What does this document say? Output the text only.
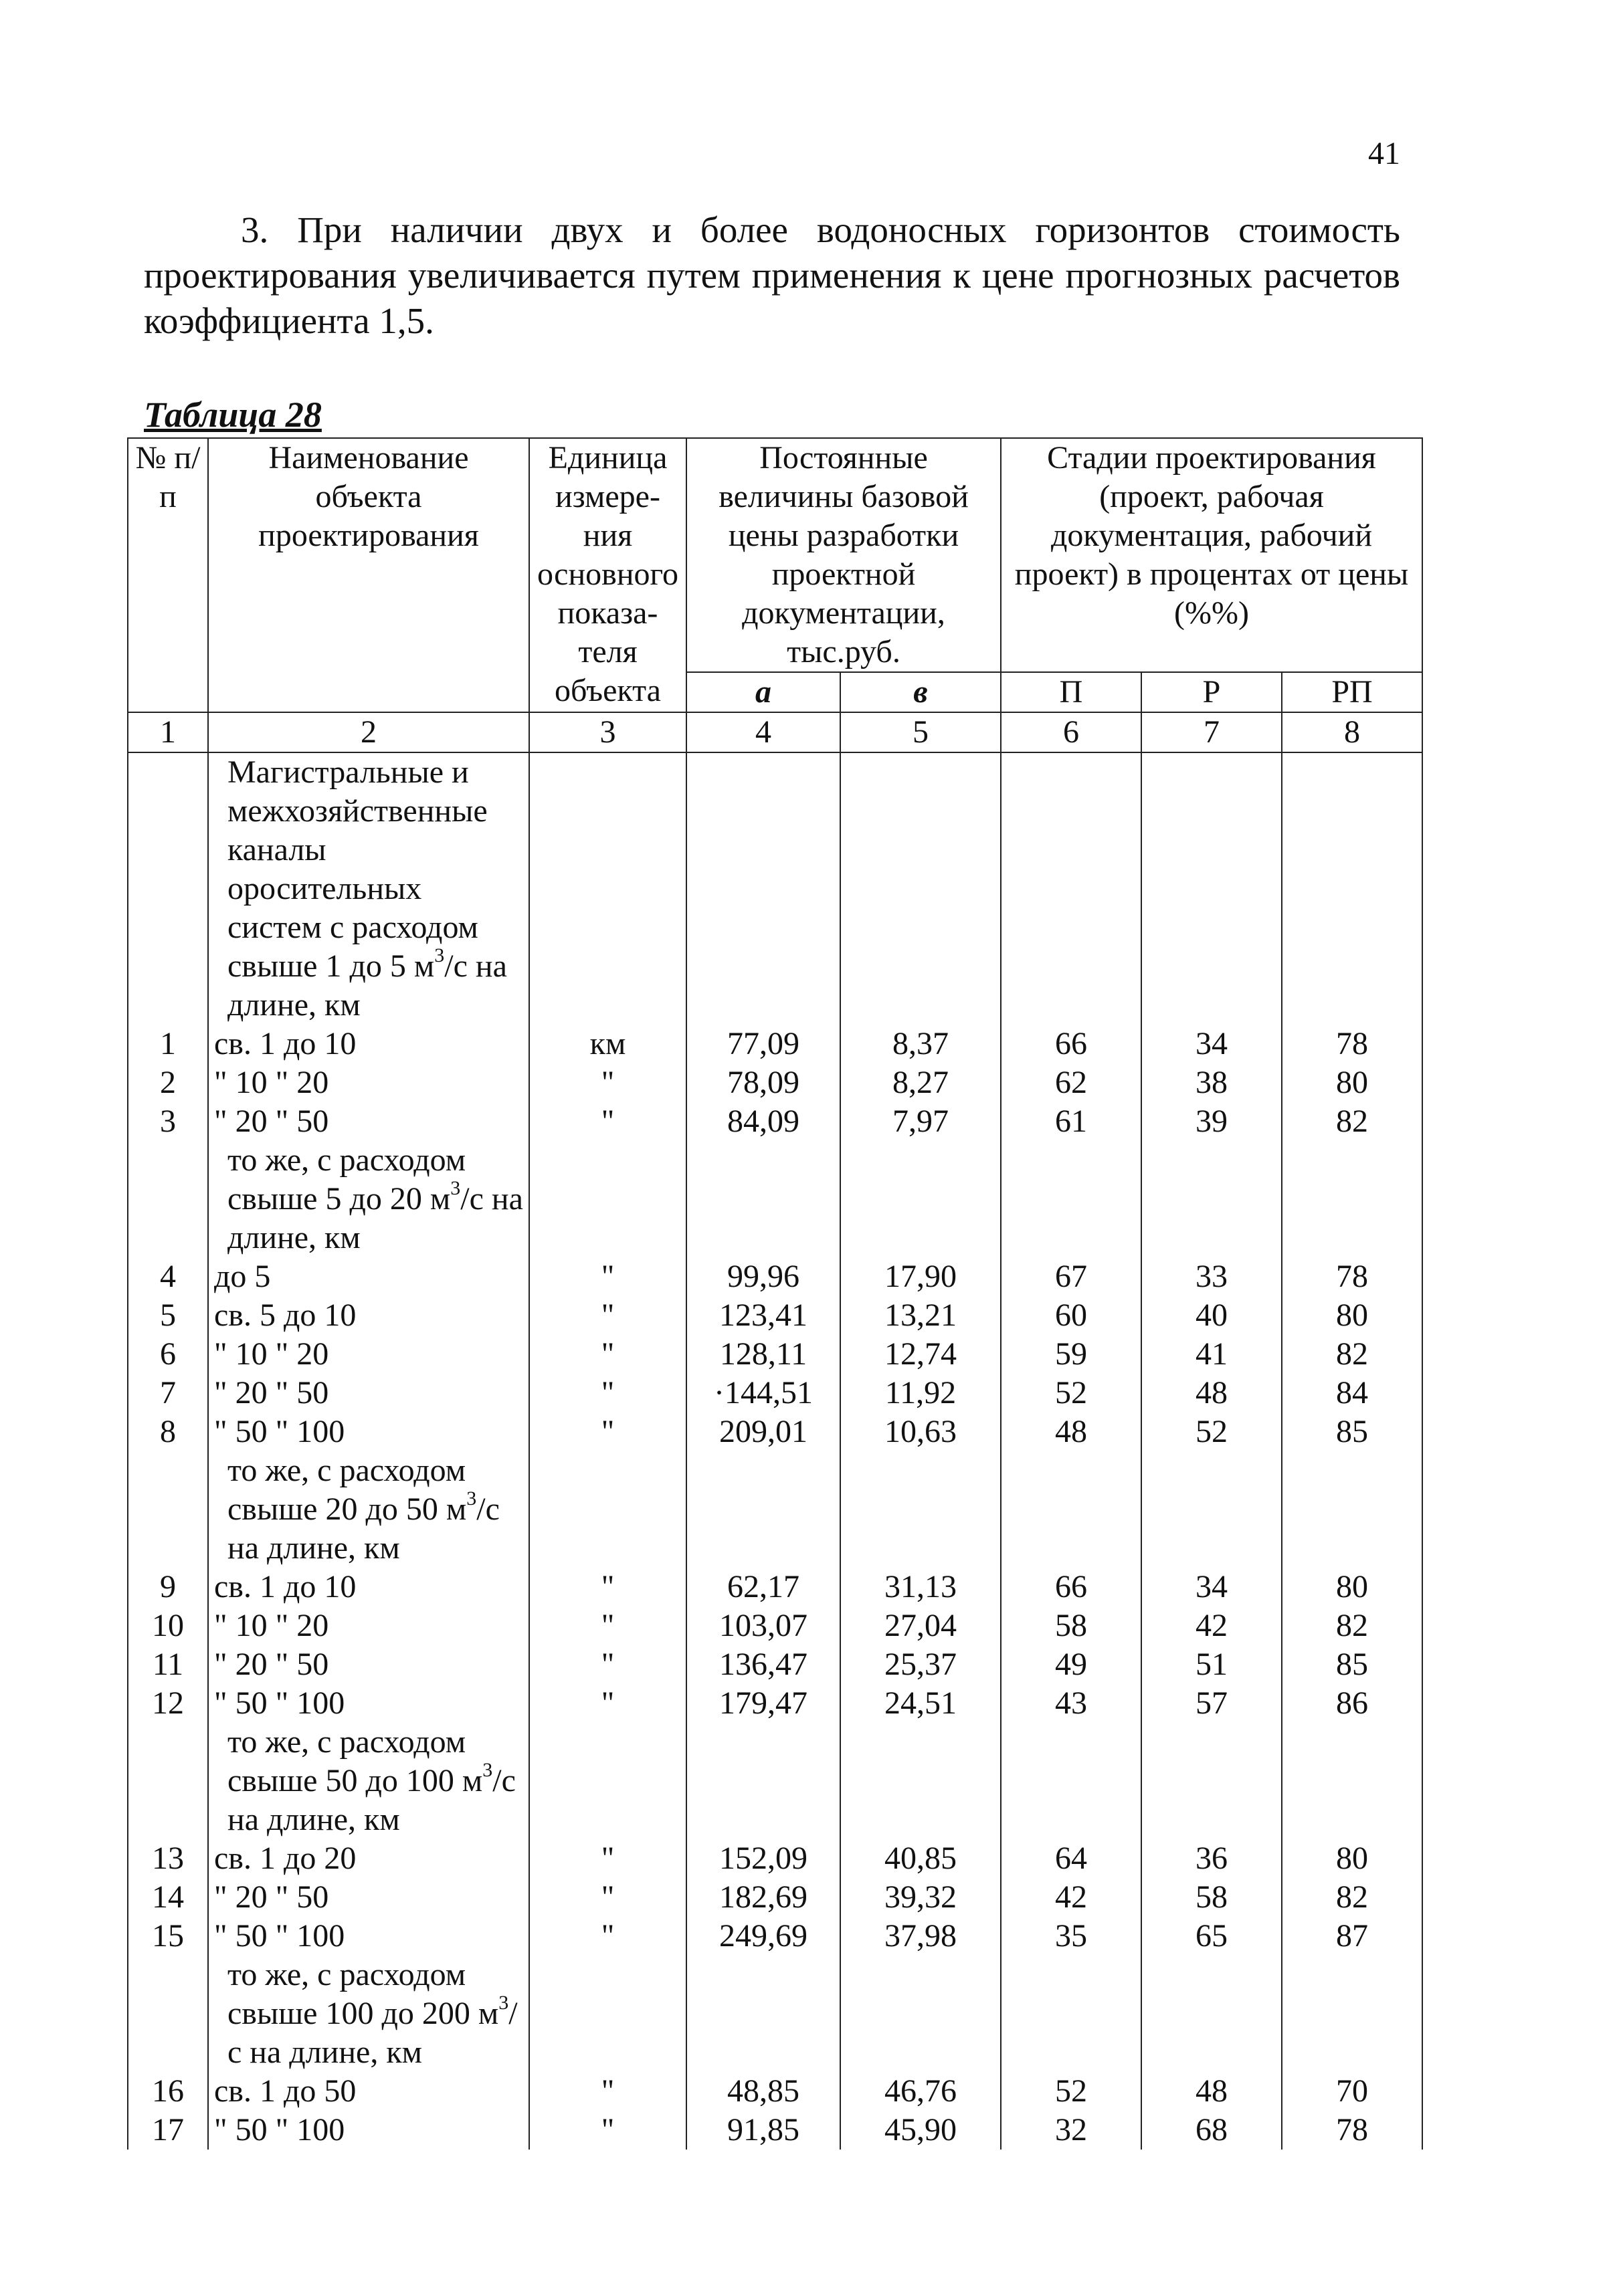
41

3. При наличии двух и более водоносных горизонтов стоимость проектирования увеличивается путем применения к цене прогнозных расчетов коэффициента 1,5.

Таблица 28
№ п/п	Наименование объекта проектирования	Единица измере-ния основного показа-теля объекта	Постоянные величины базовой цены разработки проектной документации, тыс.руб.		Стадии проектирования (проект, рабочая документация, рабочий проект) в процентах от цены (%%)		
			а	в	П	Р	РП
1	2	3	4	5	6	7	8
	Магистральные и межхозяйственные каналы оросительных систем с расходом свыше 1 до 5 $м^3/с$ на длине, км						
1	св. 1 до 10	км	77,09	8,37	66	34	78
2	" 10 " 20	"	78,09	8,27	62	38	80
3	" 20 " 50	"	84,09	7,97	61	39	82
	то же, с расходом свыше 5 до 20 $м^3/с$ на длине, км						
4	до 5	"	99,96	17,90	67	33	78
5	св. 5 до 10	"	123,41	13,21	60	40	80
6	" 10 " 20	"	128,11	12,74	59	41	82
7	" 20 " 50	"	·144,51	11,92	52	48	84
8	" 50 " 100	"	209,01	10,63	48	52	85
	то же, с расходом свыше 20 до 50 $м^3/с$ на длине, км						
9	св. 1 до 10	"	62,17	31,13	66	34	80
10	" 10 " 20	"	103,07	27,04	58	42	82
11	" 20 " 50	"	136,47	25,37	49	51	85
12	" 50 " 100	"	179,47	24,51	43	57	86
	то же, с расходом свыше 50 до 100 $м^3/с$ на длине, км						
13	св. 1 до 20	"	152,09	40,85	64	36	80
14	" 20 " 50	"	182,69	39,32	42	58	82
15	" 50 " 100	"	249,69	37,98	35	65	87
	то же, с расходом свыше 100 до 200 $м^3/с$ на длине, км						
16	св. 1 до 50	"	48,85	46,76	52	48	70
17	" 50 " 100	"	91,85	45,90	32	68	78
